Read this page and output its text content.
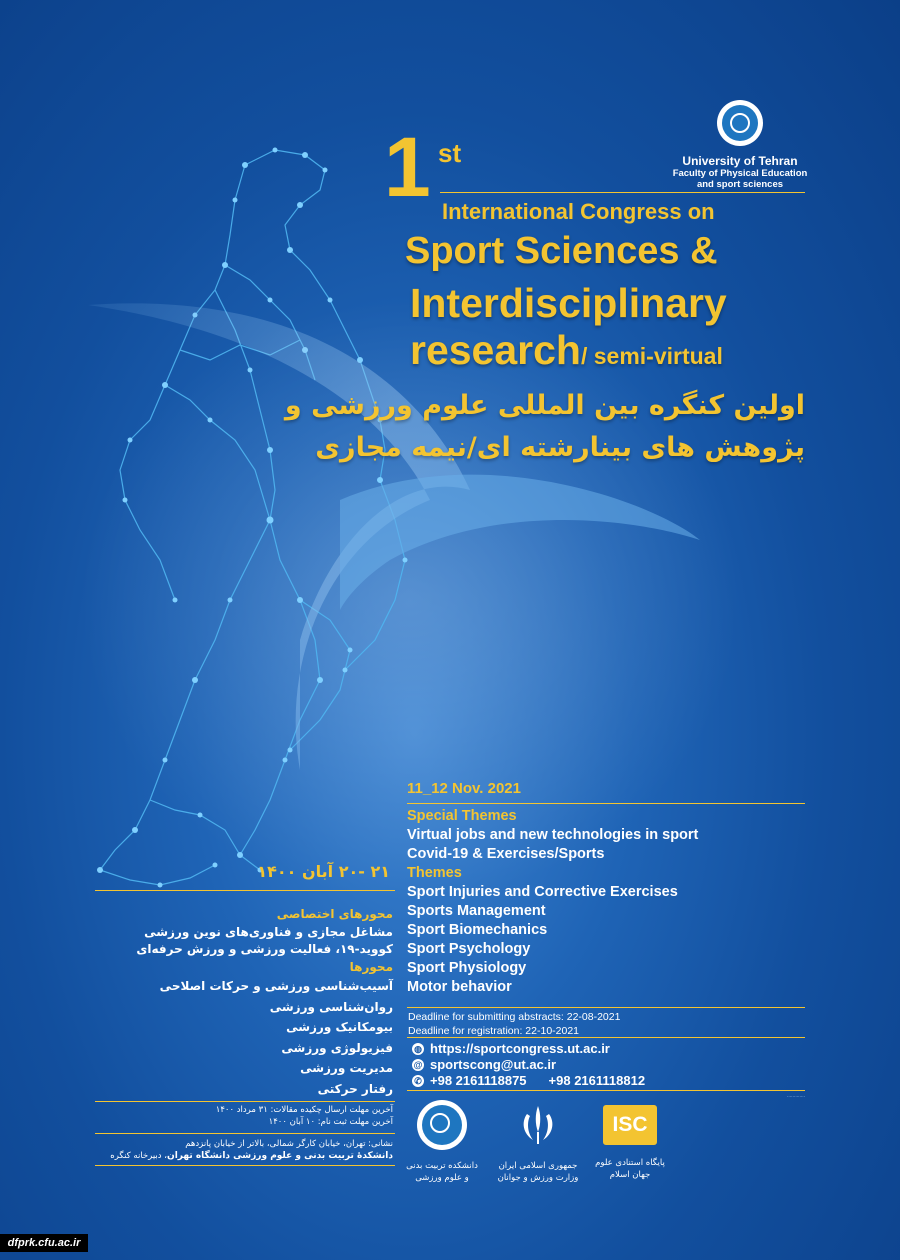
University of Tehran
Faculty of Physical Education
and sport sciences
1 st
International Congress on
Sport Sciences &
Interdisciplinary
research/ semi-virtual
اولین کنگره بین المللی علوم ورزشی و
پژوهش های بینارشته ای/نیمه مجازی
11_12 Nov. 2021
Special Themes
Virtual jobs and new technologies in sport
Covid-19 & Exercises/Sports
Themes
Sport Injuries and Corrective Exercises
Sports Management
Sport Biomechanics
Sport Psychology
Sport Physiology
Motor behavior
Deadline for submitting abstracts: 22-08-2021
Deadline for registration: 22-10-2021
◍ https://sportcongress.ut.ac.ir
@ sportscong@ut.ac.ir
✆ +98 2161118875 +98 2161118812
۲۱ -۲۰ آبان ۱۴۰۰
محورهای اختصاصی
مشاغل مجازی و فناوری‌های نوین ورزشی
کووید-۱۹، فعالیت ورزشی و ورزش حرفه‌ای
محورها
آسیب‌شناسی ورزشی و حرکات اصلاحی
روان‌شناسی ورزشی
بیومکانیک ورزشی
فیزیولوژی ورزشی
مدیریت ورزشی
رفتار حرکتی
آخرین مهلت ارسال چکیده مقالات: ۳۱ مرداد ۱۴۰۰
آخرین مهلت ثبت نام: ۱۰ آبان ۱۴۰۰
نشانی: تهران، خیابان کارگر شمالی، بالاتر از خیابان پانزدهم
دانشکدهٔ تربیت بدنی و علوم ورزشی دانشگاه تهران، دبیرخانه کنگره
دانشکده تربیت بدنی
و علوم ورزشی
جمهوری اسلامی ایران
وزارت ورزش و جوانان
ISC
پایگاه استنادی علوم
جهان اسلام
.............
dfprk.cfu.ac.ir
